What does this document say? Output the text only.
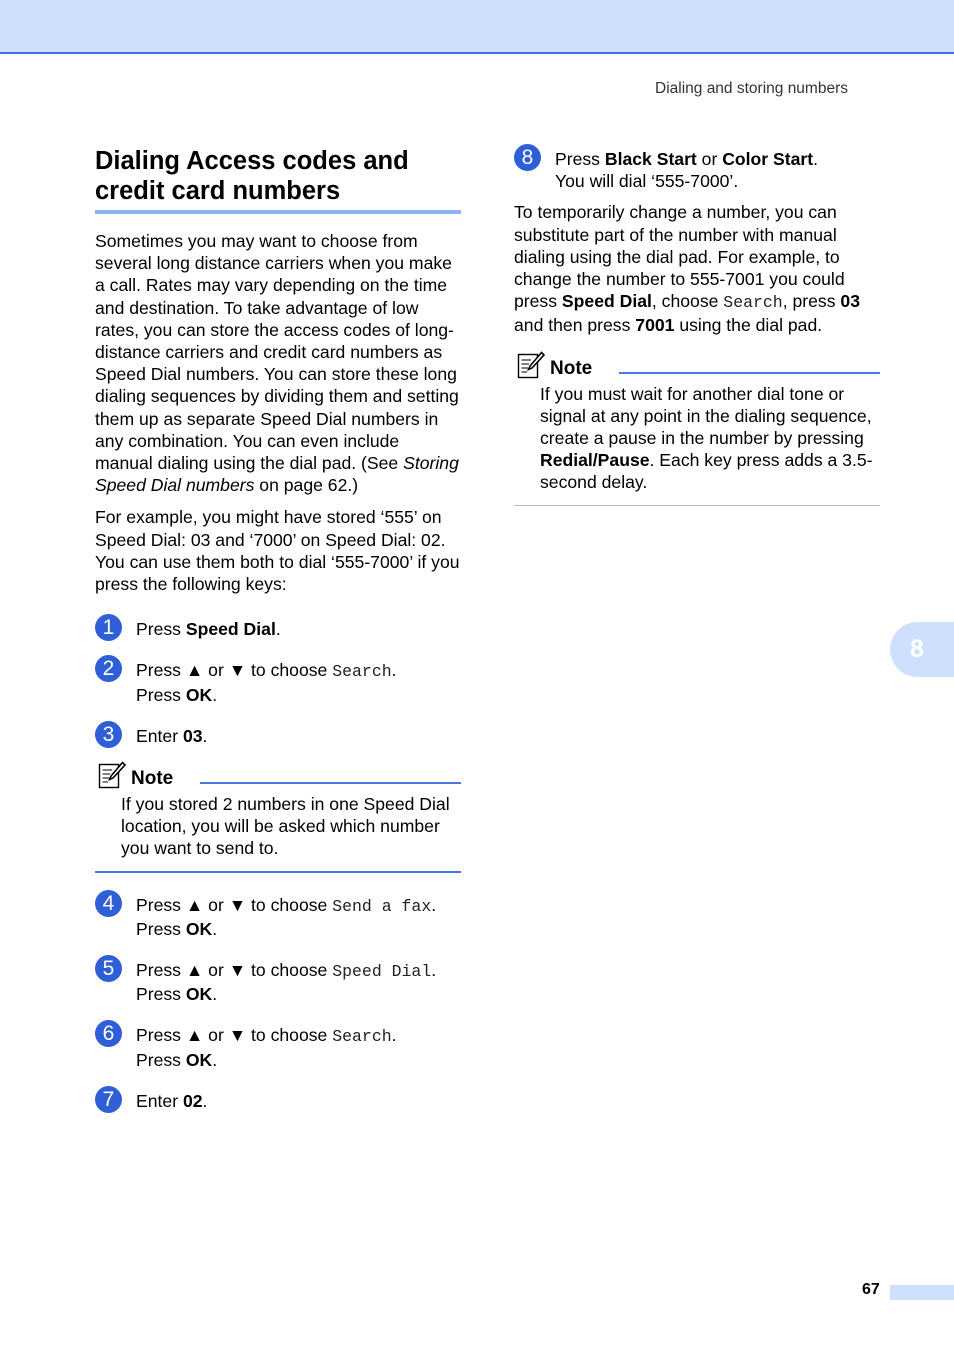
Dialing and storing numbers
Dialing Access codes and credit card numbers

Sometimes you may want to choose from several long distance carriers when you make a call. Rates may vary depending on the time and destination. To take advantage of low rates, you can store the access codes of long-distance carriers and credit card numbers as Speed Dial numbers. You can store these long dialing sequences by dividing them and setting them up as separate Speed Dial numbers in any combination. You can even include manual dialing using the dial pad. (See Storing Speed Dial numbers on page 62.)

For example, you might have stored ‘555’ on Speed Dial: 03 and ‘7000’ on Speed Dial: 02. You can use them both to dial ‘555-7000’ if you press the following keys:

1	Press Speed Dial.
2	Press ▲ or ▼ to choose Search.
Press OK.
3	Enter 03.
Note
If you stored 2 numbers in one Speed Dial location, you will be asked which number you want to send to.
4	Press ▲ or ▼ to choose Send a fax.
Press OK.
5	Press ▲ or ▼ to choose Speed Dial.
Press OK.
6	Press ▲ or ▼ to choose Search.
Press OK.
7	Enter 02.
8	Press Black Start or Color Start.
You will dial ‘555-7000’.

To temporarily change a number, you can substitute part of the number with manual dialing using the dial pad. For example, to change the number to 555-7001 you could press Speed Dial, choose Search, press 03 and then press 7001 using the dial pad.

Note
If you must wait for another dial tone or signal at any point in the dialing sequence, create a pause in the number by pressing Redial/Pause. Each key press adds a 3.5-second delay.
8
67
